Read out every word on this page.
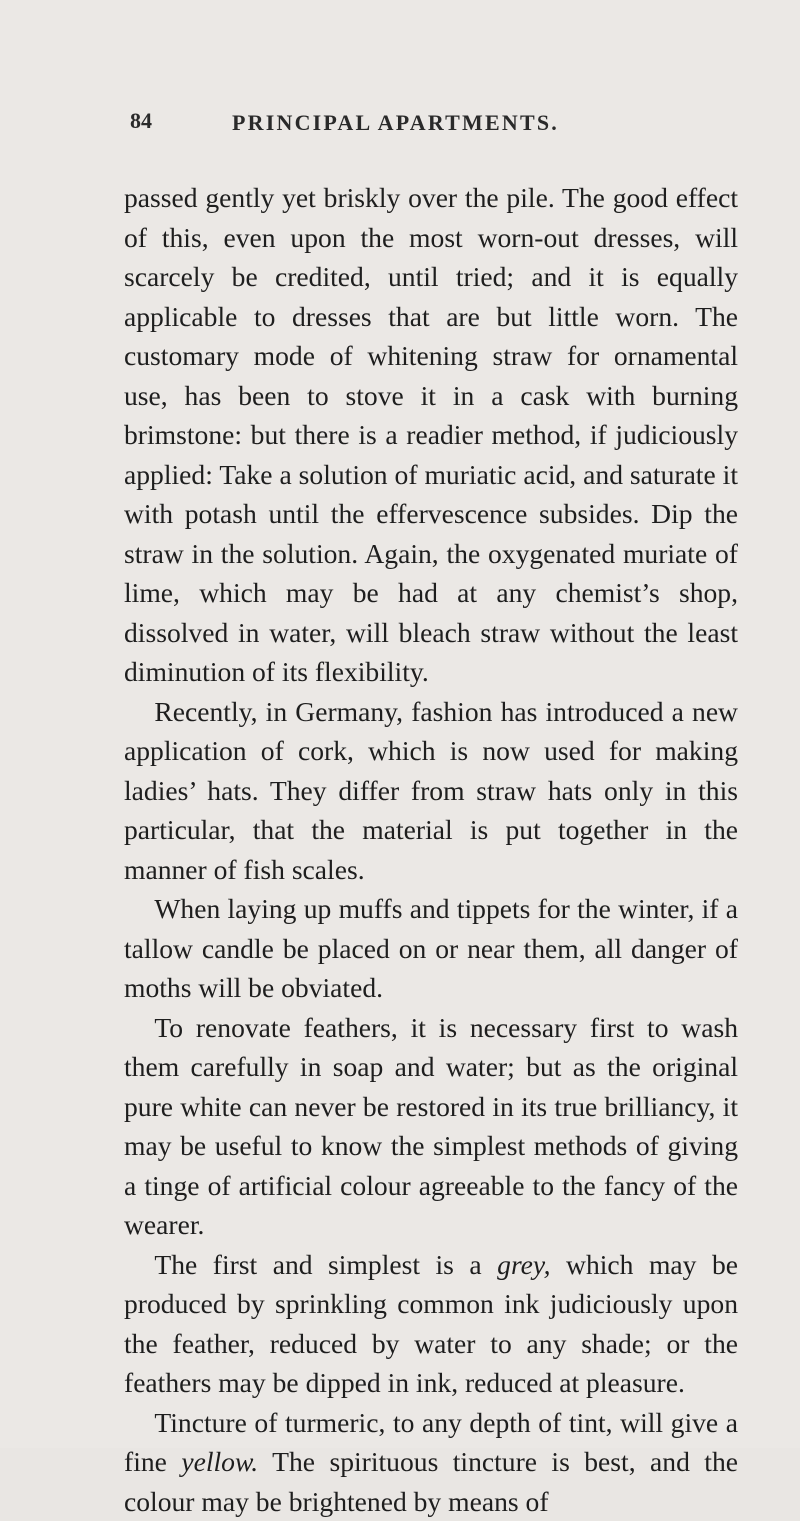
84	PRINCIPAL APARTMENTS.

passed gently yet briskly over the pile. The good effect of this, even upon the most worn-out dresses, will scarcely be credited, until tried; and it is equally applicable to dresses that are but little worn. The customary mode of whitening straw for ornamental use, has been to stove it in a cask with burning brimstone: but there is a readier method, if judiciously applied: Take a solution of muriatic acid, and saturate it with potash until the effervescence subsides. Dip the straw in the solution. Again, the oxygenated muriate of lime, which may be had at any chemist’s shop, dissolved in water, will bleach straw without the least diminution of its flexibility.

Recently, in Germany, fashion has introduced a new application of cork, which is now used for making ladies’ hats. They differ from straw hats only in this particular, that the material is put together in the manner of fish scales.

When laying up muffs and tippets for the winter, if a tallow candle be placed on or near them, all danger of moths will be obviated.

To renovate feathers, it is necessary first to wash them carefully in soap and water; but as the original pure white can never be restored in its true brilliancy, it may be useful to know the simplest methods of giving a tinge of artificial colour agreeable to the fancy of the wearer.

The first and simplest is a grey, which may be produced by sprinkling common ink judiciously upon the feather, reduced by water to any shade; or the feathers may be dipped in ink, reduced at pleasure.

Tincture of turmeric, to any depth of tint, will give a fine yellow. The spirituous tincture is best, and the colour may be brightened by means of
